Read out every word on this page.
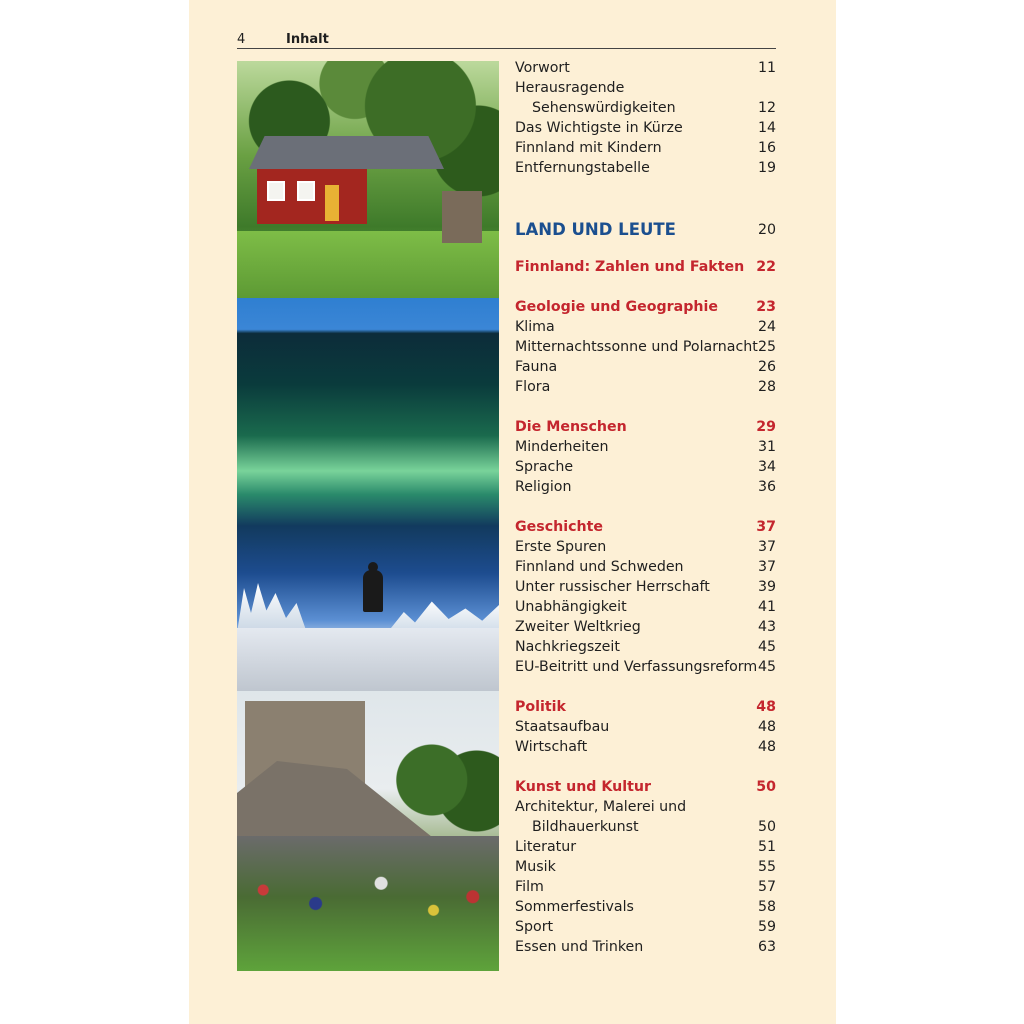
4	Inhalt
Vorwort	11
Herausragende
Sehenswürdigkeiten	12
Das Wichtigste in Kürze	14
Finnland mit Kindern	16
Entfernungstabelle	19
LAND UND LEUTE	20
Finnland: Zahlen und Fakten 22
Geologie und Geographie	23
Klima	24
Mitternachtssonne und Polarnacht 25
Fauna	26
Flora	28
Die Menschen	29
Minderheiten	31
Sprache	34
Religion	36
Geschichte	37
Erste Spuren	37
Finnland und Schweden	37
Unter russischer Herrschaft	39
Unabhängigkeit	41
Zweiter Weltkrieg	43
Nachkriegszeit	45
EU-Beitritt und Verfassungsreform 45
Politik	48
Staatsaufbau	48
Wirtschaft	48
Kunst und Kultur	50
Architektur, Malerei und
Bildhauerkunst	50
Literatur	51
Musik	55
Film	57
Sommerfestivals	58
Sport	59
Essen und Trinken	63
